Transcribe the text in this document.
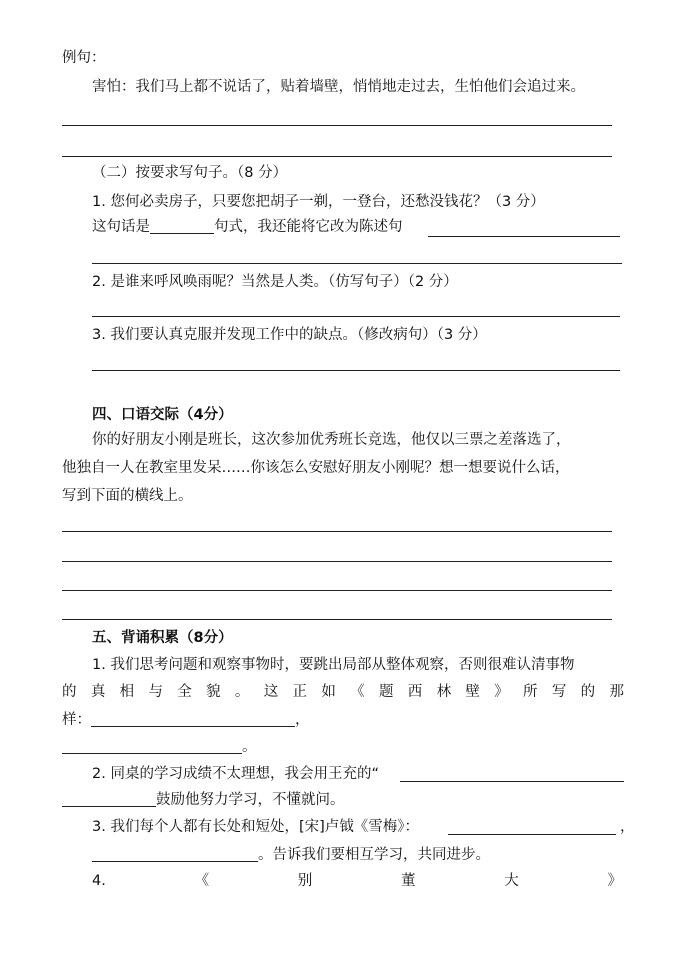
例句：
害怕：我们马上都不说话了，贴着墙壁，悄悄地走过去，生怕他们会追过来。
（二）按要求写句子。（8 分）
1. 您何必卖房子，只要您把胡子一剃，一登台，还愁没钱花？（3 分）
这句话是	句式，我还能将它改为陈述句
2. 是谁来呼风唤雨呢？当然是人类。（仿写句子）（2 分）
3. 我们要认真克服并发现工作中的缺点。（修改病句）（3 分）
四、口语交际（4分）
你的好朋友小刚是班长，这次参加优秀班长竞选，他仅以三票之差落选了，
他独自一人在教室里发呆……你该怎么安慰好朋友小刚呢？想一想要说什么话，
写到下面的横线上。
五、背诵积累（8分）
1. 我们思考问题和观察事物时，要跳出局部从整体观察，否则很难认清事物
的 真 相 与 全 貌 。 这 正 如 《 题 西 林 壁 》 所 写 的 那
样：	，
。
2. 同桌的学习成绩不太理想，我会用王充的“
鼓励他努力学习，不懂就问。
3. 我们每个人都有长处和短处，[宋]卢钺《雪梅》：	，
。告诉我们要相互学习，共同进步。
4.	《	别	董	大	》
